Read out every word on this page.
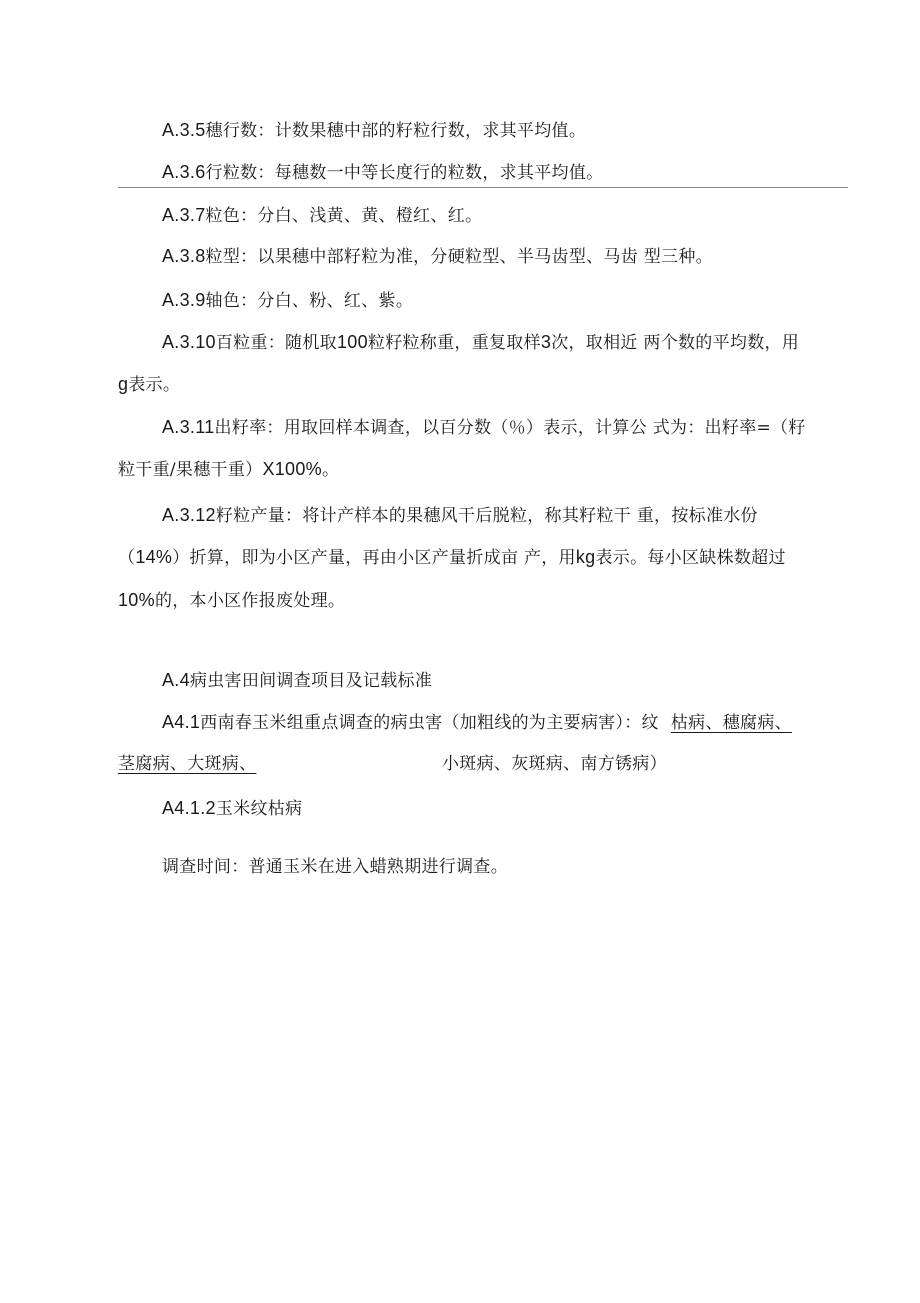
A.3.5穗行数：计数果穗中部的籽粒行数，求其平均值。

A.3.6行粒数：每穗数一中等长度行的粒数，求其平均值。

A.3.7粒色：分白、浅黄、黄、橙红、红。

A.3.8粒型：以果穗中部籽粒为准，分硬粒型、半马齿型、马齿 型三种。

A.3.9轴色：分白、粉、红、紫。

A.3.10百粒重：随机取100粒籽粒称重，重复取样3次，取相近 两个数的平均数，用

g表示。

A.3.11出籽率：用取回样本调查，以百分数（％）表示，计算公 式为：出籽率=（籽

粒干重/果穗干重）X100%。

A.3.12籽粒产量：将计产样本的果穗风干后脱粒，称其籽粒干 重，按标准水份

（14%）折算，即为小区产量，再由小区产量折成亩 产，用kg表示。每小区缺株数超过

10%的，本小区作报废处理。

A.4病虫害田间调查项目及记载标准

A4.1西南春玉米组重点调查的病虫害（加粗线的为主要病害）：纹 枯病、穗腐病、

茎腐病、大斑病、	小斑病、灰斑病、南方锈病）

A4.1.2玉米纹枯病

调查时间：普通玉米在进入蜡熟期进行调查。
